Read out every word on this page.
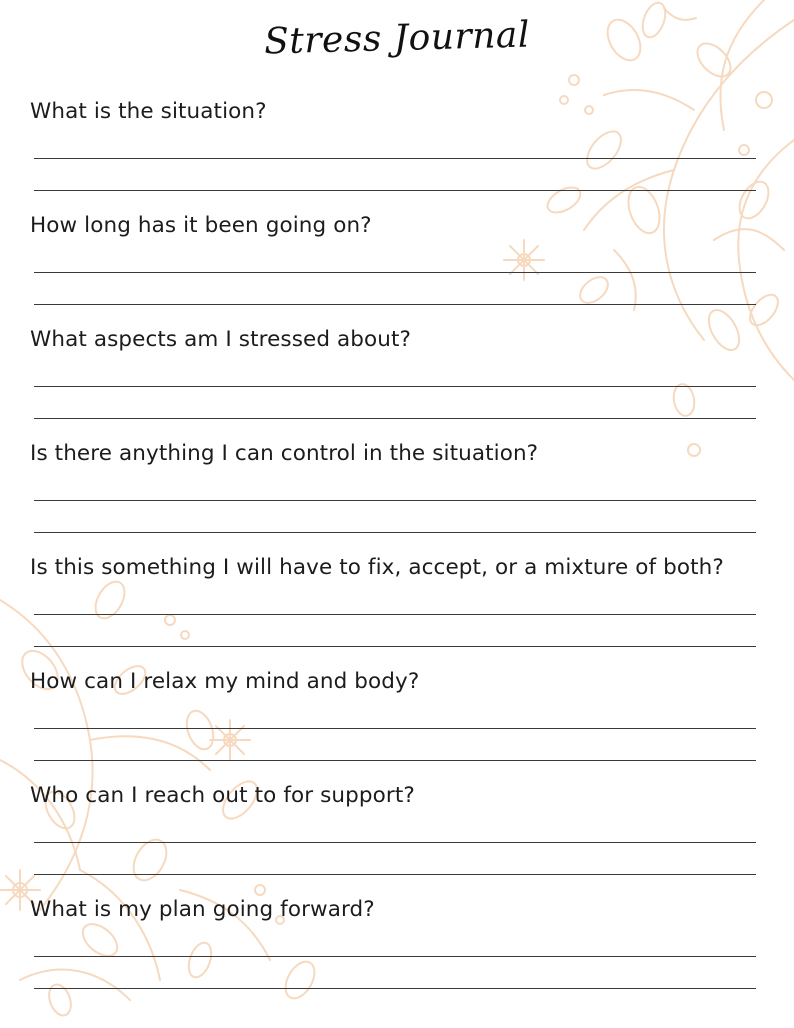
Stress Journal

What is the situation?

How long has it been going on?

What aspects am I stressed about?

Is there anything I can control in the situation?

Is this something I will have to fix, accept, or a mixture of both?

How can I relax my mind and body?

Who can I reach out to for support?

What is my plan going forward?
